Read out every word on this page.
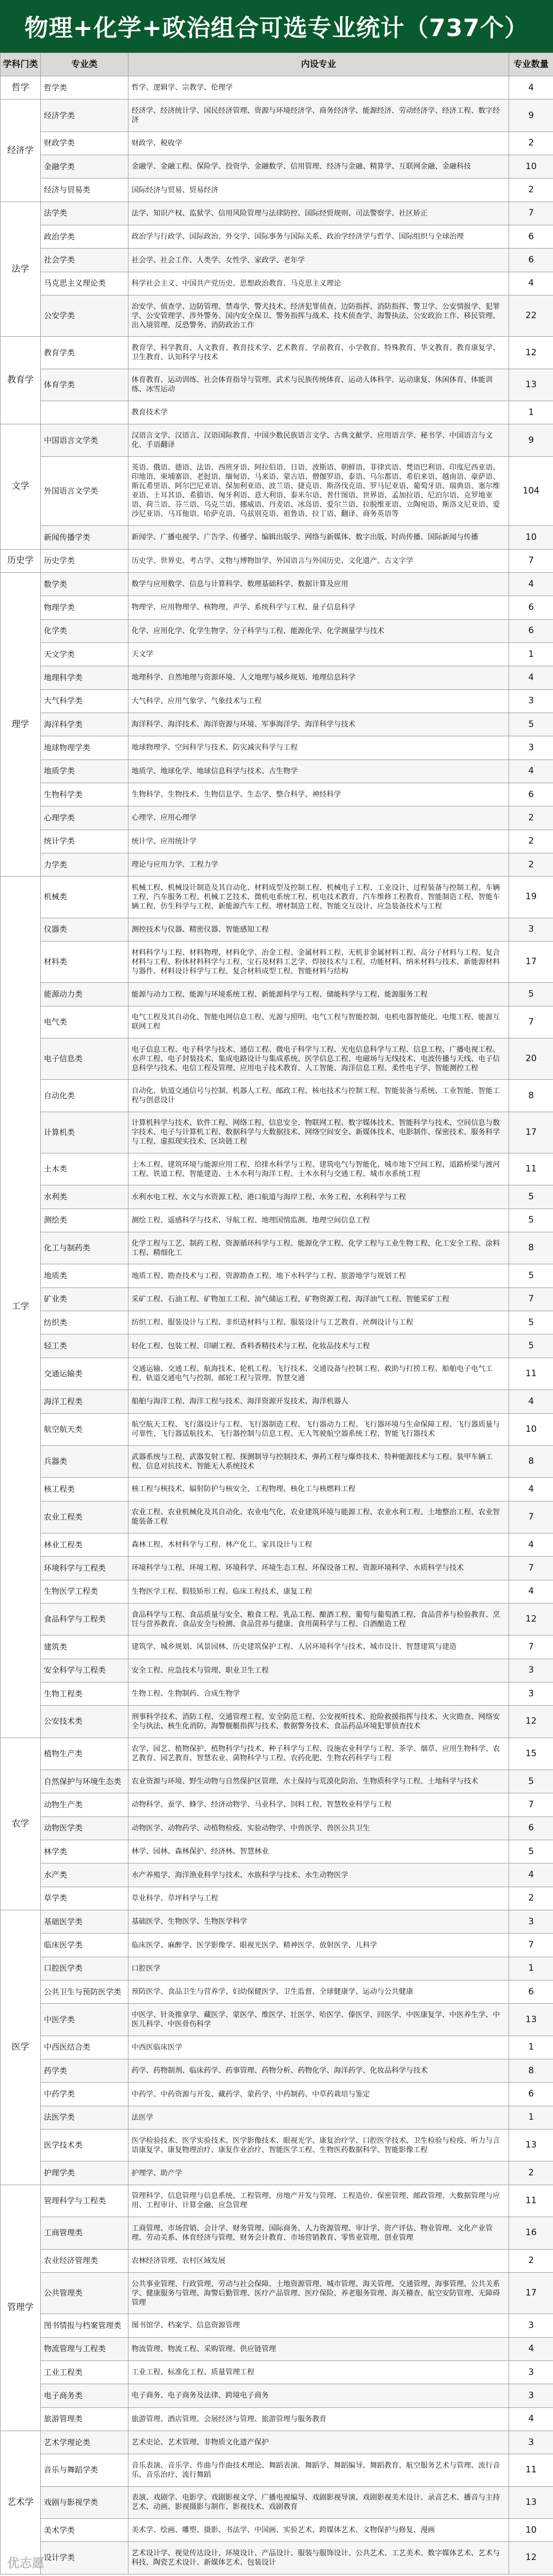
物理+化学+政治组合可选专业统计（737个）
学科门类	专业类	内设专业	专业数量
哲学	哲学类	哲学、逻辑学、宗教学、伦理学	4
经济学	经济学类	经济学、经济统计学、国民经济管理、资源与环境经济学、商务经济学、能源经济、劳动经济学、经济工程、数字经济	9
	财政学类	财政学、税收学	2
	金融学类	金融学、金融工程、保险学、投资学、金融数学、信用管理、经济与金融、精算学、互联网金融、金融科技	10
	经济与贸易类	国际经济与贸易、贸易经济	2
法学	法学类	法学、知识产权、监狱学、信用风险管理与法律防控、国际经贸规则、司法警察学、社区矫正	7
	政治学类	政治学与行政学、国际政治、外交学、国际事务与国际关系、政治学经济学与哲学、国际组织与全球治理	6
	社会学类	社会学、社会工作、人类学、女性学、家政学、老年学	6
	马克思主义理论类	科学社会主义、中国共产党历史、思想政治教育、马克思主义理论	4
	公安学类	治安学、侦查学、边防管理、禁毒学、警犬技术、经济犯罪侦查、边防指挥、消防指挥、警卫学、公安情报学、犯罪学、公安管理学、涉外警务、国内安全保卫、警务指挥与战术、技术侦查学、海警执法、公安政治工作、移民管理、出入境管理、反恐警务、消防政治工作	22
教育学	教育学类	教育学、科学教育、人文教育、教育技术学、艺术教育、学前教育、小学教育、特殊教育、华文教育、教育康复学、卫生教育、认知科学与技术	12
	体育学类	体育教育、运动训练、社会体育指导与管理、武术与民族传统体育、运动人体科学、运动康复、休闲体育、体能训练、冰雪运动	13
		教育技术学	1
文学	中国语言文学类	汉语言文学、汉语言、汉语国际教育、中国少数民族语言文学、古典文献学、应用语言学、秘书学、中国语言与文化、手语翻译	9
	外国语言文学类	英语、俄语、德语、法语、西班牙语、阿拉伯语、日语、波斯语、朝鲜语、菲律宾语、梵语巴利语、印度尼西亚语、印地语、柬埔寨语、老挝语、缅甸语、马来语、蒙古语、僧伽罗语、泰语、乌尔都语、希伯来语、越南语、豪萨语、斯瓦希里语、阿尔巴尼亚语、保加利亚语、波兰语、捷克语、斯洛伐克语、罗马尼亚语、葡萄牙语、瑞典语、塞尔维亚语、土耳其语、希腊语、匈牙利语、意大利语、泰米尔语、普什图语、世界语、孟加拉语、尼泊尔语、克罗地亚语、荷兰语、芬兰语、乌克兰语、挪威语、丹麦语、冰岛语、爱尔兰语、拉脱维亚语、立陶宛语、斯洛文尼亚语、爱沙尼亚语、马耳他语、哈萨克语、乌兹别克语、祖鲁语、拉丁语、翻译、商务英语等	104
	新闻传播学类	新闻学、广播电视学、广告学、传播学、编辑出版学、网络与新媒体、数字出版、时尚传播、国际新闻与传播	10
历史学	历史学类	历史学、世界史、考古学、文物与博物馆学、外国语言与外国历史、文化遗产、古文字学	7
理学	数学类	数学与应用数学、信息与计算科学、数理基础科学、数据计算及应用	4
	物理学类	物理学、应用物理学、核物理、声学、系统科学与工程、量子信息科学	6
	化学类	化学、应用化学、化学生物学、分子科学与工程、能源化学、化学测量学与技术	6
	天文学类	天文学	1
	地理科学类	地理科学、自然地理与资源环境、人文地理与城乡规划、地理信息科学	4
	大气科学类	大气科学、应用气象学、气象技术与工程	3
	海洋科学类	海洋科学、海洋技术、海洋资源与环境、军事海洋学、海洋科学与技术	5
	地球物理学类	地球物理学、空间科学与技术、防灾减灾科学与工程	3
	地质学类	地质学、地球化学、地球信息科学与技术、古生物学	4
	生物科学类	生物科学、生物技术、生物信息学、生态学、整合科学、神经科学	6
	心理学类	心理学、应用心理学	2
	统计学类	统计学、应用统计学	2
	力学类	理论与应用力学、工程力学	2
工学	机械类	机械工程、机械设计制造及其自动化、材料成型及控制工程、机械电子工程、工业设计、过程装备与控制工程、车辆工程、汽车服务工程、机械工艺技术、微机电系统工程、机电技术教育、汽车维修工程教育、智能制造工程、智能车辆工程、仿生科学与工程、新能源汽车工程、增材制造工程、智能交互设计、应急装备技术与工程	19
	仪器类	测控技术与仪器、精密仪器、智能感知工程	3
	材料类	材料科学与工程、材料物理、材料化学、冶金工程、金属材料工程、无机非金属材料工程、高分子材料与工程、复合材料与工程、粉体材料科学与工程、宝石及材料工艺学、焊接技术与工程、功能材料、纳米材料与技术、新能源材料与器件、材料设计科学与工程、复合材料成型工程、智能材料与结构	17
	能源动力类	能源与动力工程、能源与环境系统工程、新能源科学与工程、储能科学与工程、能源服务工程	5
	电气类	电气工程及其自动化、智能电网信息工程、光源与照明、电气工程与智能控制、电机电器智能化、电缆工程、能源互联网工程	7
	电子信息类	电子信息工程、电子科学与技术、通信工程、微电子科学与工程、光电信息科学与工程、信息工程、广播电视工程、水声工程、电子封装技术、集成电路设计与集成系统、医学信息工程、电磁场与无线技术、电波传播与天线、电子信息科学与技术、电信工程及管理、应用电子技术教育、人工智能、海洋信息工程、柔性电子学、智能测控工程	20
	自动化类	自动化、轨道交通信号与控制、机器人工程、邮政工程、核电技术与控制工程、智能装备与系统、工业智能、智能工程与创意设计	8
	计算机类	计算机科学与技术、软件工程、网络工程、信息安全、物联网工程、数字媒体技术、智能科学与技术、空间信息与数字技术、电子与计算机工程、数据科学与大数据技术、网络空间安全、新媒体技术、电影制作、保密技术、服务科学与工程、虚拟现实技术、区块链工程	17
	土木类	土木工程、建筑环境与能源应用工程、给排水科学与工程、建筑电气与智能化、城市地下空间工程、道路桥梁与渡河工程、铁道工程、智能建造、土木水利与海洋工程、土木水利与交通工程、城市水系统工程	11
	水利类	水利水电工程、水文与水资源工程、港口航道与海岸工程、水务工程、水利科学与工程	5
	测绘类	测绘工程、遥感科学与技术、导航工程、地理国情监测、地理空间信息工程	5
	化工与制药类	化学工程与工艺、制药工程、资源循环科学与工程、能源化学工程、化学工程与工业生物工程、化工安全工程、涂料工程、精细化工	8
	地质类	地质工程、勘查技术与工程、资源勘查工程、地下水科学与工程、旅游地学与规划工程	5
	矿业类	采矿工程、石油工程、矿物加工工程、油气储运工程、矿物资源工程、海洋油气工程、智能采矿工程	7
	纺织类	纺织工程、服装设计与工程、非织造材料与工程、服装设计与工艺教育、丝绸设计与工程	5
	轻工类	轻化工程、包装工程、印刷工程、香料香精技术与工程、化妆品技术与工程	5
	交通运输类	交通运输、交通工程、航海技术、轮机工程、飞行技术、交通设备与控制工程、救助与打捞工程、船舶电子电气工程、轨道交通电气与控制、邮轮工程与管理、智慧交通	11
	海洋工程类	船舶与海洋工程、海洋工程与技术、海洋资源开发技术、海洋机器人	4
	航空航天类	航空航天工程、飞行器设计与工程、飞行器制造工程、飞行器动力工程、飞行器环境与生命保障工程、飞行器质量与可靠性、飞行器适航技术、飞行器控制与信息工程、无人驾驶航空器系统工程、智能飞行器技术	10
	兵器类	武器系统与工程、武器发射工程、探测制导与控制技术、弹药工程与爆炸技术、特种能源技术与工程、装甲车辆工程、信息对抗技术、智能无人系统技术	8
	核工程类	核工程与核技术、辐射防护与核安全、工程物理、核化工与核燃料工程	4
	农业工程类	农业工程、农业机械化及其自动化、农业电气化、农业建筑环境与能源工程、农业水利工程、土地整治工程、农业智能装备工程	7
	林业工程类	森林工程、木材科学与工程、林产化工、家具设计与工程	4
	环境科学与工程类	环境科学与工程、环境工程、环境科学、环境生态工程、环保设备工程、资源环境科学、水质科学与技术	7
	生物医学工程类	生物医学工程、假肢矫形工程、临床工程技术、康复工程	4
	食品科学与工程类	食品科学与工程、食品质量与安全、粮食工程、乳品工程、酿酒工程、葡萄与葡萄酒工程、食品营养与检验教育、烹饪与营养教育、食品安全与检测、食品营养与健康、食用菌科学与工程、白酒酿造工程	12
	建筑类	建筑学、城乡规划、风景园林、历史建筑保护工程、人居环境科学与技术、城市设计、智慧建筑与建造	7
	安全科学与工程类	安全工程、应急技术与管理、职业卫生工程	3
	生物工程类	生物工程、生物制药、合成生物学	3
	公安技术类	刑事科学技术、消防工程、交通管理工程、安全防范工程、公安视听技术、抢险救援指挥与技术、火灾勘查、网络安全与执法、核生化消防、海警舰艇指挥与技术、数据警务技术、食品药品环境犯罪侦查技术	12
农学	植物生产类	农学、园艺、植物保护、植物科学与技术、种子科学与工程、设施农业科学与工程、茶学、烟草、应用生物科学、农艺教育、园艺教育、智慧农业、菌物科学与工程、农药化肥、生物农药科学与工程	15
	自然保护与环境生态类	农业资源与环境、野生动物与自然保护区管理、水土保持与荒漠化防治、生物质科学与工程、土地科学与技术	5
	动物生产类	动物科学、蚕学、蜂学、经济动物学、马业科学、饲料工程、智慧牧业科学与工程	7
	动物医学类	动物医学、动物药学、动植物检疫、实验动物学、中兽医学、兽医公共卫生	6
	林学类	林学、园林、森林保护、经济林、智慧林业	5
	水产类	水产养殖学、海洋渔业科学与技术、水族科学与技术、水生动物医学	4
	草学类	草业科学、草坪科学与工程	2
医学	基础医学类	基础医学、生物医学、生物医学科学	3
	临床医学类	临床医学、麻醉学、医学影像学、眼视光医学、精神医学、放射医学、儿科学	7
	口腔医学类	口腔医学	1
	公共卫生与预防医学类	预防医学、食品卫生与营养学、妇幼保健医学、卫生监督、全球健康学、运动与公共健康	6
	中医学类	中医学、针灸推拿学、藏医学、蒙医学、维医学、壮医学、哈医学、傣医学、回医学、中医康复学、中医养生学、中医儿科学、中医骨伤科学	13
	中西医结合类	中西医临床医学	1
	药学类	药学、药物制剂、临床药学、药事管理、药物分析、药物化学、海洋药学、化妆品科学与技术	8
	中药学类	中药学、中药资源与开发、藏药学、蒙药学、中药制药、中草药栽培与鉴定	6
	法医学类	法医学	1
	医学技术类	医学检验技术、医学实验技术、医学影像技术、眼视光学、康复治疗学、口腔医学技术、卫生检验与检疫、听力与言语康复学、康复物理治疗、康复作业治疗、智能医学工程、生物医药数据科学、智能影像工程	13
	护理学类	护理学、助产学	2
管理学	管理科学与工程类	管理科学、信息管理与信息系统、工程管理、房地产开发与管理、工程造价、保密管理、邮政管理、大数据管理与应用、工程审计、计算金融、应急管理	11
	工商管理类	工商管理、市场营销、会计学、财务管理、国际商务、人力资源管理、审计学、资产评估、物业管理、文化产业管理、劳动关系、体育经济与管理、财务会计教育、市场营销教育、零售业管理、创业管理	16
	农业经济管理类	农林经济管理、农村区域发展	2
	公共管理类	公共事业管理、行政管理、劳动与社会保障、土地资源管理、城市管理、海关管理、交通管理、海事管理、公共关系学、健康服务与管理、海警后勤管理、医疗产品管理、医疗保险、养老服务管理、海关稽查、航空安防管理、无障碍管理	17
	图书情报与档案管理类	图书馆学、档案学、信息资源管理	3
	物流管理与工程类	物流管理、物流工程、采购管理、供应链管理	4
	工业工程类	工业工程、标准化工程、质量管理工程	3
	电子商务类	电子商务、电子商务及法律、跨境电子商务	3
	旅游管理类	旅游管理、酒店管理、会展经济与管理、旅游管理与服务教育	4
艺术学	艺术学理论类	艺术史论、艺术管理、非物质文化遗产保护	3
	音乐与舞蹈学类	音乐表演、音乐学、作曲与作曲技术理论、舞蹈表演、舞蹈学、舞蹈编导、舞蹈教育、航空服务艺术与管理、流行音乐、音乐治疗、流行舞蹈	11
	戏剧与影视学类	表演、戏剧学、电影学、戏剧影视文学、广播电视编导、戏剧影视导演、戏剧影视美术设计、录音艺术、播音与主持艺术、动画、影视摄影与制作、影视技术、戏剧教育	13
	美术学类	美术学、绘画、雕塑、摄影、书法学、中国画、实验艺术、跨媒体艺术、文物保护与修复、漫画	10
	设计学类	艺术设计学、视觉传达设计、环境设计、产品设计、服装与服饰设计、公共艺术、工艺美术、数字媒体艺术、艺术与科技、陶瓷艺术设计、新媒体艺术、包装设计	12
优志愿
